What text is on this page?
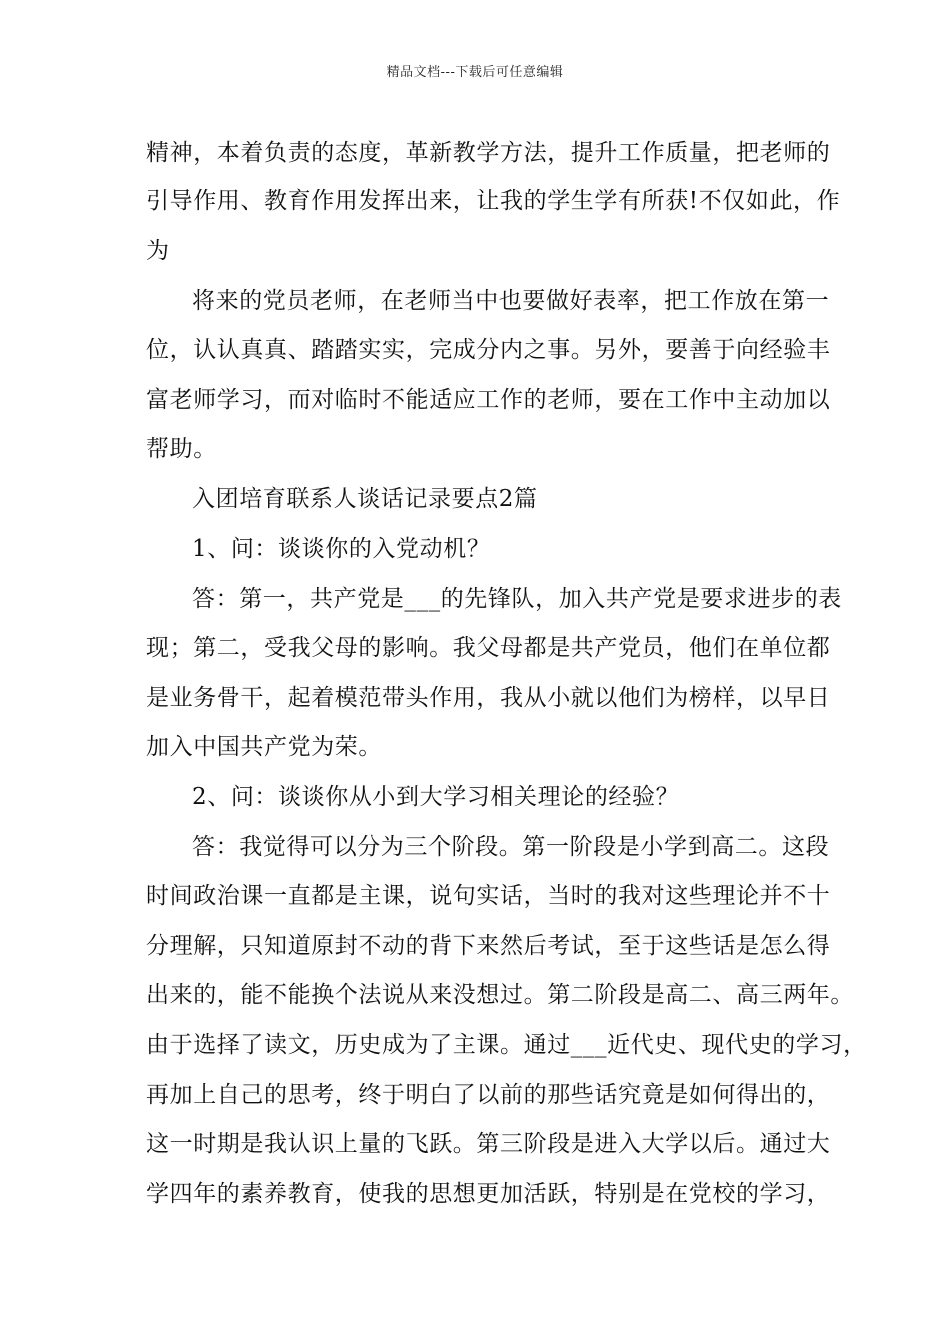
精品文档---下载后可任意编辑
精神，本着负责的态度，革新教学方法，提升工作质量，把老师的
引导作用、教育作用发挥出来，让我的学生学有所获!不仅如此，作
为
将来的党员老师，在老师当中也要做好表率，把工作放在第一
位，认认真真、踏踏实实，完成分内之事。另外，要善于向经验丰
富老师学习，而对临时不能适应工作的老师，要在工作中主动加以
帮助。
入团培育联系人谈话记录要点2篇
1、问：谈谈你的入党动机？
答：第一，共产党是___的先锋队，加入共产党是要求进步的表
现；第二，受我父母的影响。我父母都是共产党员，他们在单位都
是业务骨干，起着模范带头作用，我从小就以他们为榜样，以早日
加入中国共产党为荣。
2、问：谈谈你从小到大学习相关理论的经验？
答：我觉得可以分为三个阶段。第一阶段是小学到高二。这段
时间政治课一直都是主课，说句实话，当时的我对这些理论并不十
分理解，只知道原封不动的背下来然后考试，至于这些话是怎么得
出来的，能不能换个法说从来没想过。第二阶段是高二、高三两年。
由于选择了读文，历史成为了主课。通过___近代史、现代史的学习，
再加上自己的思考，终于明白了以前的那些话究竟是如何得出的，
这一时期是我认识上量的飞跃。第三阶段是进入大学以后。通过大
学四年的素养教育，使我的思想更加活跃，特别是在党校的学习，
